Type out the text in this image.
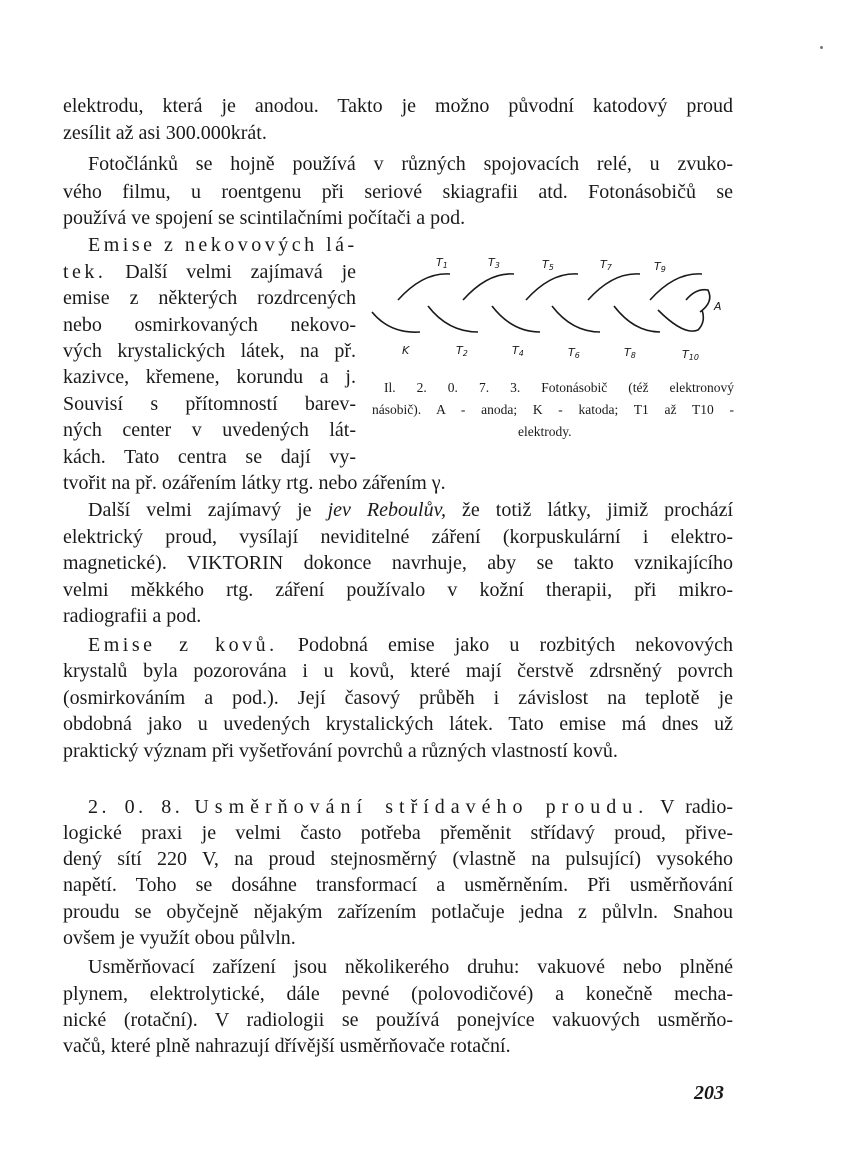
elektrodu, která je anodou. Takto je možno původní katodový proud

zesílit až asi 300.000krát.

Fotočlánků se hojně používá v různých spojovacích relé, u zvuko-

vého filmu, u roentgenu při seriové skiagrafii atd. Fotonásobičů se

používá ve spojení se scintilačními počítači a pod.

Emise z nekovových lá-

tek. Další velmi zajímavá je

emise z některých rozdrcených

nebo osmirkovaných nekovo-

vých krystalických látek, na př.

kazivce, křemene, korundu a j.

Souvisí s přítomností barev-

ných center v uvedených lát-

kách. Tato centra se dají vy-

tvořit na př. ozářením látky rtg. nebo zářením γ.

T1	T3	T5	T7	T9
K	T2	T4	T6	T8	T10
A

Il. 2. 0. 7. 3. Fotonásobič (též elektronový

násobič). A - anoda; K - katoda; T1 až T10 -

elektrody.

Další velmi zajímavý je jev Reboulův, že totiž látky, jimiž prochází

elektrický proud, vysílají neviditelné záření (korpuskulární i elektro-

magnetické). VIKTORIN dokonce navrhuje, aby se takto vznikajícího

velmi měkkého rtg. záření používalo v kožní therapii, při mikro-

radiografii a pod.

Emise z kovů. Podobná emise jako u rozbitých nekovových

krystalů byla pozorována i u kovů, které mají čerstvě zdrsněný povrch

(osmirkováním a pod.). Její časový průběh i závislost na teplotě je

obdobná jako u uvedených krystalických látek. Tato emise má dnes už

praktický význam při vyšetřování povrchů a různých vlastností kovů.

2. 0. 8. Usměrňování střídavého proudu. V radio-

logické praxi je velmi často potřeba přeměnit střídavý proud, přive-

dený sítí 220 V, na proud stejnosměrný (vlastně na pulsující) vysokého

napětí. Toho se dosáhne transformací a usměrněním. Při usměrňování

proudu se obyčejně nějakým zařízením potlačuje jedna z půlvln. Snahou

ovšem je využít obou půlvln.

Usměrňovací zařízení jsou několikerého druhu: vakuové nebo plněné

plynem, elektrolytické, dále pevné (polovodičové) a konečně mecha-

nické (rotační). V radiologii se používá ponejvíce vakuových usměrňo-

vačů, které plně nahrazují dřívější usměrňovače rotační.

203
